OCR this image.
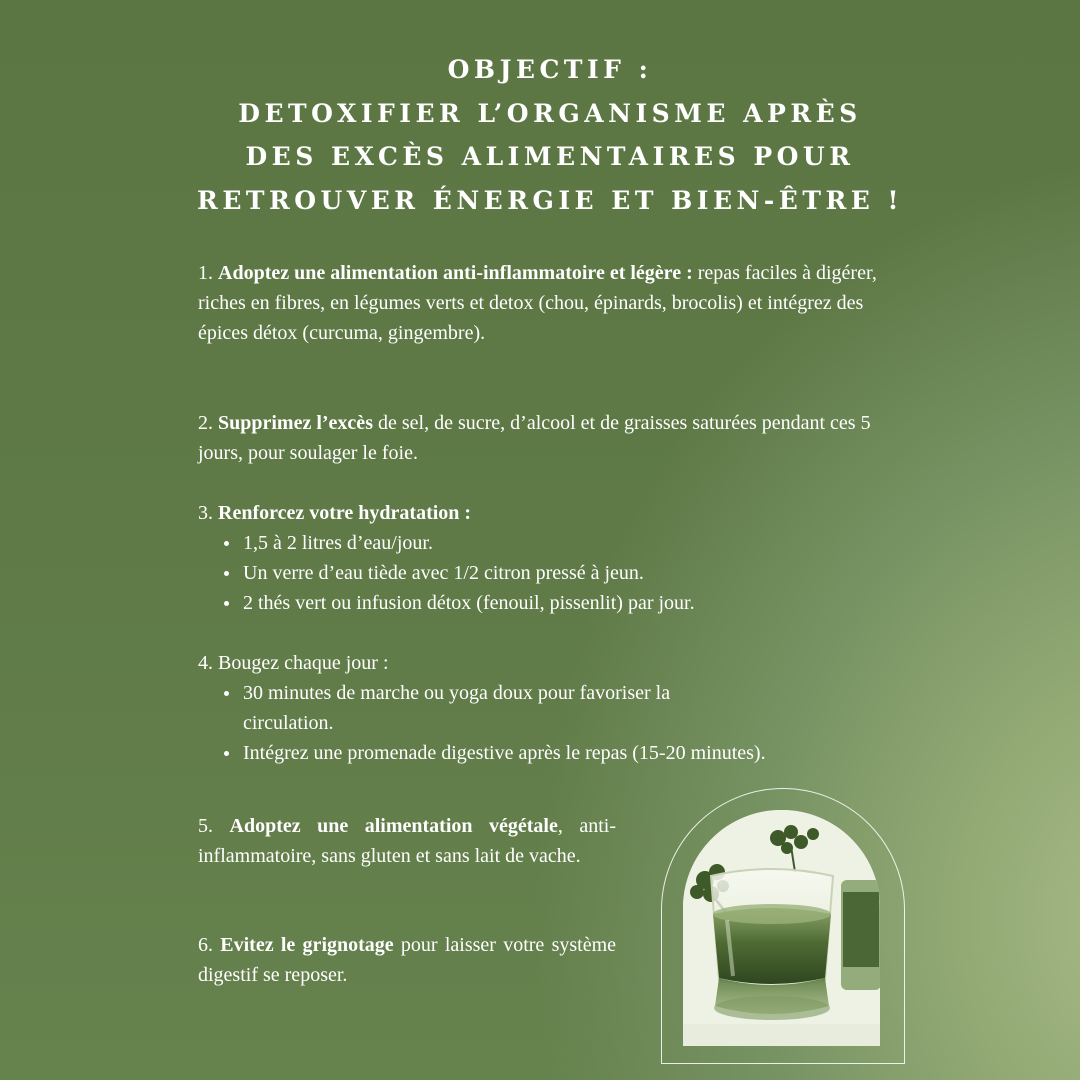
OBJECTIF :
DETOXIFIER L’ORGANISME APRÈS
DES EXCÈS ALIMENTAIRES POUR
RETROUVER ÉNERGIE ET BIEN-ÊTRE !

1. Adoptez une alimentation anti-inflammatoire et légère : repas faciles à digérer, riches en fibres, en légumes verts et detox (chou, épinards, brocolis) et intégrez des épices détox (curcuma, gingembre).

2. Supprimez l’excès de sel, de sucre, d’alcool et de graisses saturées pendant ces 5 jours, pour soulager le foie.

3. Renforcez votre hydratation :

1,5 à 2 litres d’eau/jour.
Un verre d’eau tiède avec 1/2 citron pressé à jeun.
2 thés vert ou infusion détox (fenouil, pissenlit) par jour.

4. Bougez chaque jour :

30 minutes de marche ou yoga doux pour favoriser la circulation.
Intégrez une promenade digestive après le repas (15-20 minutes).

5. Adoptez une alimentation végétale, anti-inflammatoire, sans gluten et sans lait de vache.

6. Evitez le grignotage pour laisser votre système digestif se reposer.
